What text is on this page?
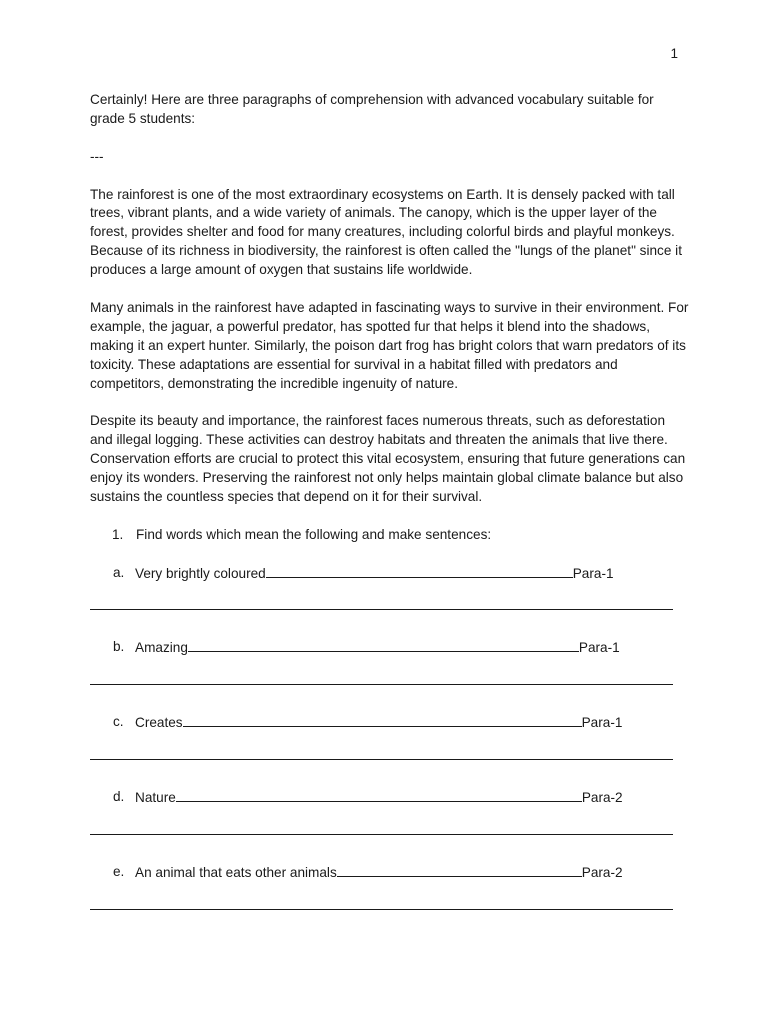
1

Certainly! Here are three paragraphs of comprehension with advanced vocabulary suitable for grade 5 students:

---

The rainforest is one of the most extraordinary ecosystems on Earth. It is densely packed with tall trees, vibrant plants, and a wide variety of animals. The canopy, which is the upper layer of the forest, provides shelter and food for many creatures, including colorful birds and playful monkeys. Because of its richness in biodiversity, the rainforest is often called the "lungs of the planet" since it produces a large amount of oxygen that sustains life worldwide.

Many animals in the rainforest have adapted in fascinating ways to survive in their environment. For example, the jaguar, a powerful predator, has spotted fur that helps it blend into the shadows, making it an expert hunter. Similarly, the poison dart frog has bright colors that warn predators of its toxicity. These adaptations are essential for survival in a habitat filled with predators and competitors, demonstrating the incredible ingenuity of nature.

Despite its beauty and importance, the rainforest faces numerous threats, such as deforestation and illegal logging. These activities can destroy habitats and threaten the animals that live there. Conservation efforts are crucial to protect this vital ecosystem, ensuring that future generations can enjoy its wonders. Preserving the rainforest not only helps maintain global climate balance but also sustains the countless species that depend on it for their survival.

1. Find words which mean the following and make sentences:
a. Very brightly coloured	Para-1
b. Amazing	Para-1
c. Creates	Para-1
d. Nature	Para-2
e. An animal that eats other animals	Para-2
